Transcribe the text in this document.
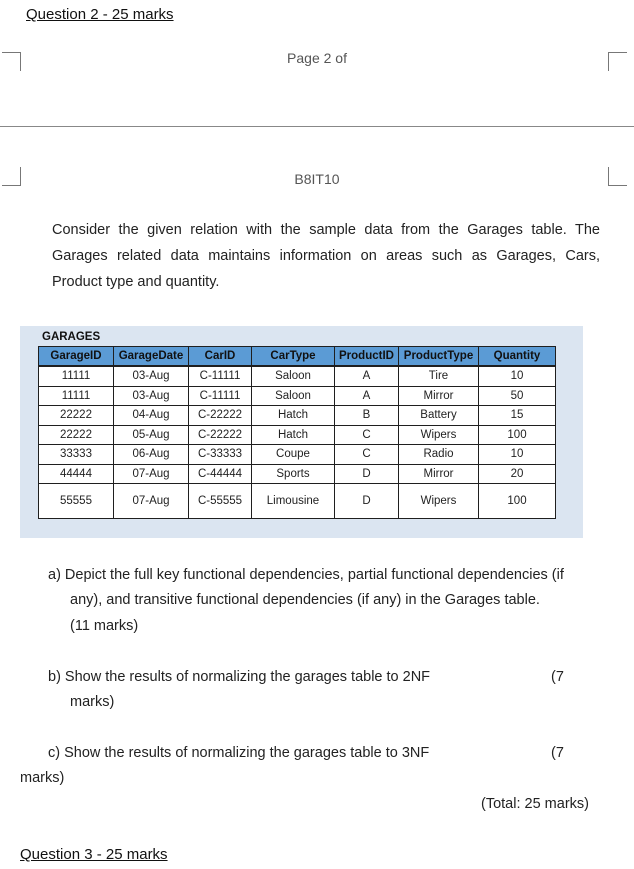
Question 2 - 25 marks
Page 2 of
B8IT10
Consider the given relation with the sample data from the Garages table. The Garages related data maintains information on areas such as Garages, Cars, Product type and quantity.
GARAGES
GarageID	GarageDate	CarID	CarType	ProductID	ProductType	Quantity
11111	03-Aug	C-11111	Saloon	A	Tire	10
11111	03-Aug	C-11111	Saloon	A	Mirror	50
22222	04-Aug	C-22222	Hatch	B	Battery	15
22222	05-Aug	C-22222	Hatch	C	Wipers	100
33333	06-Aug	C-33333	Coupe	C	Radio	10
44444	07-Aug	C-44444	Sports	D	Mirror	20
55555	07-Aug	C-55555	Limousine	D	Wipers	100
a) Depict the full key functional dependencies, partial functional dependencies (if
any), and transitive functional dependencies (if any) in the Garages table.
(11 marks)
b) Show the results of normalizing the garages table to 2NF	(7
marks)
c) Show the results of normalizing the garages table to 3NF	(7
marks)
(Total: 25 marks)
Question 3 - 25 marks
